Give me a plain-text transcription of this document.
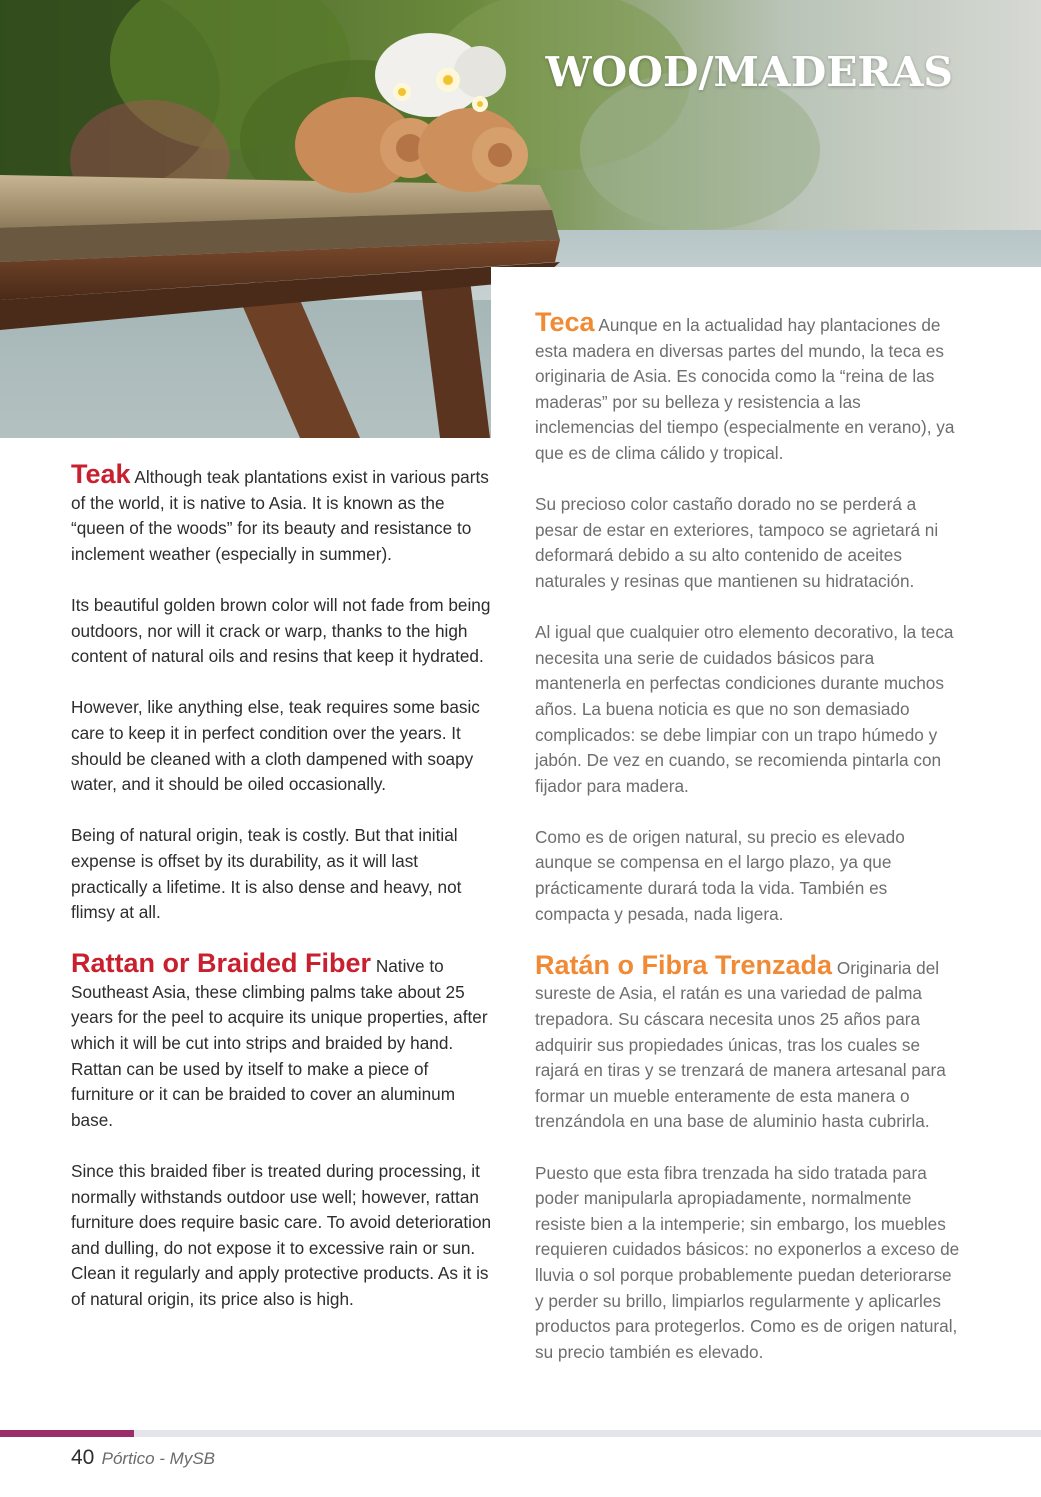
WOOD/MADERAS

Teak Although teak plantations exist in various parts of the world, it is native to Asia. It is known as the “queen of the woods” for its beauty and resistance to inclement weather (especially in summer).

Its beautiful golden brown color will not fade from being outdoors, nor will it crack or warp, thanks to the high content of natural oils and resins that keep it hydrated.

However, like anything else, teak requires some basic care to keep it in perfect condition over the years. It should be cleaned with a cloth dampened with soapy water, and it should be oiled occasionally.

Being of natural origin, teak is costly. But that initial expense is offset by its durability, as it will last practically a lifetime. It is also dense and heavy, not flimsy at all.

Rattan or Braided Fiber Native to Southeast Asia, these climbing palms take about 25 years for the peel to acquire its unique properties, after which it will be cut into strips and braided by hand. Rattan can be used by itself to make a piece of furniture or it can be braided to cover an aluminum base.

Since this braided fiber is treated during processing, it normally withstands outdoor use well; however, rattan furniture does require basic care. To avoid deterioration and dulling, do not expose it to excessive rain or sun. Clean it regularly and apply protective products. As it is of natural origin, its price also is high.

Teca Aunque en la actualidad hay plantaciones de esta madera en diversas partes del mundo, la teca es originaria de Asia. Es conocida como la “reina de las maderas” por su belleza y resistencia a las inclemencias del tiempo (especialmente en verano), ya que es de clima cálido y tropical.

Su precioso color castaño dorado no se perderá a pesar de estar en exteriores, tampoco se agrietará ni deformará debido a su alto contenido de aceites naturales y resinas que mantienen su hidratación.

Al igual que cualquier otro elemento decorativo, la teca necesita una serie de cuidados básicos para mantenerla en perfectas condiciones durante muchos años. La buena noticia es que no son demasiado complicados: se debe limpiar con un trapo húmedo y jabón. De vez en cuando, se recomienda pintarla con fijador para madera.

Como es de origen natural, su precio es elevado aunque se compensa en el largo plazo, ya que prácticamente durará toda la vida. También es compacta y pesada, nada ligera.

Ratán o Fibra Trenzada Originaria del sureste de Asia, el ratán es una variedad de palma trepadora. Su cáscara necesita unos 25 años para adquirir sus propiedades únicas, tras los cuales se rajará en tiras y se trenzará de manera artesanal para formar un mueble enteramente de esta manera o trenzándola en una base de aluminio hasta cubrirla.

Puesto que esta fibra trenzada ha sido tratada para poder manipularla apropiadamente, normalmente resiste bien a la intemperie; sin embargo, los muebles requieren cuidados básicos: no exponerlos a exceso de lluvia o sol porque probablemente puedan deteriorarse y perder su brillo, limpiarlos regularmente y aplicarles productos para protegerlos. Como es de origen natural, su precio también es elevado.

40 Pórtico - MySB
